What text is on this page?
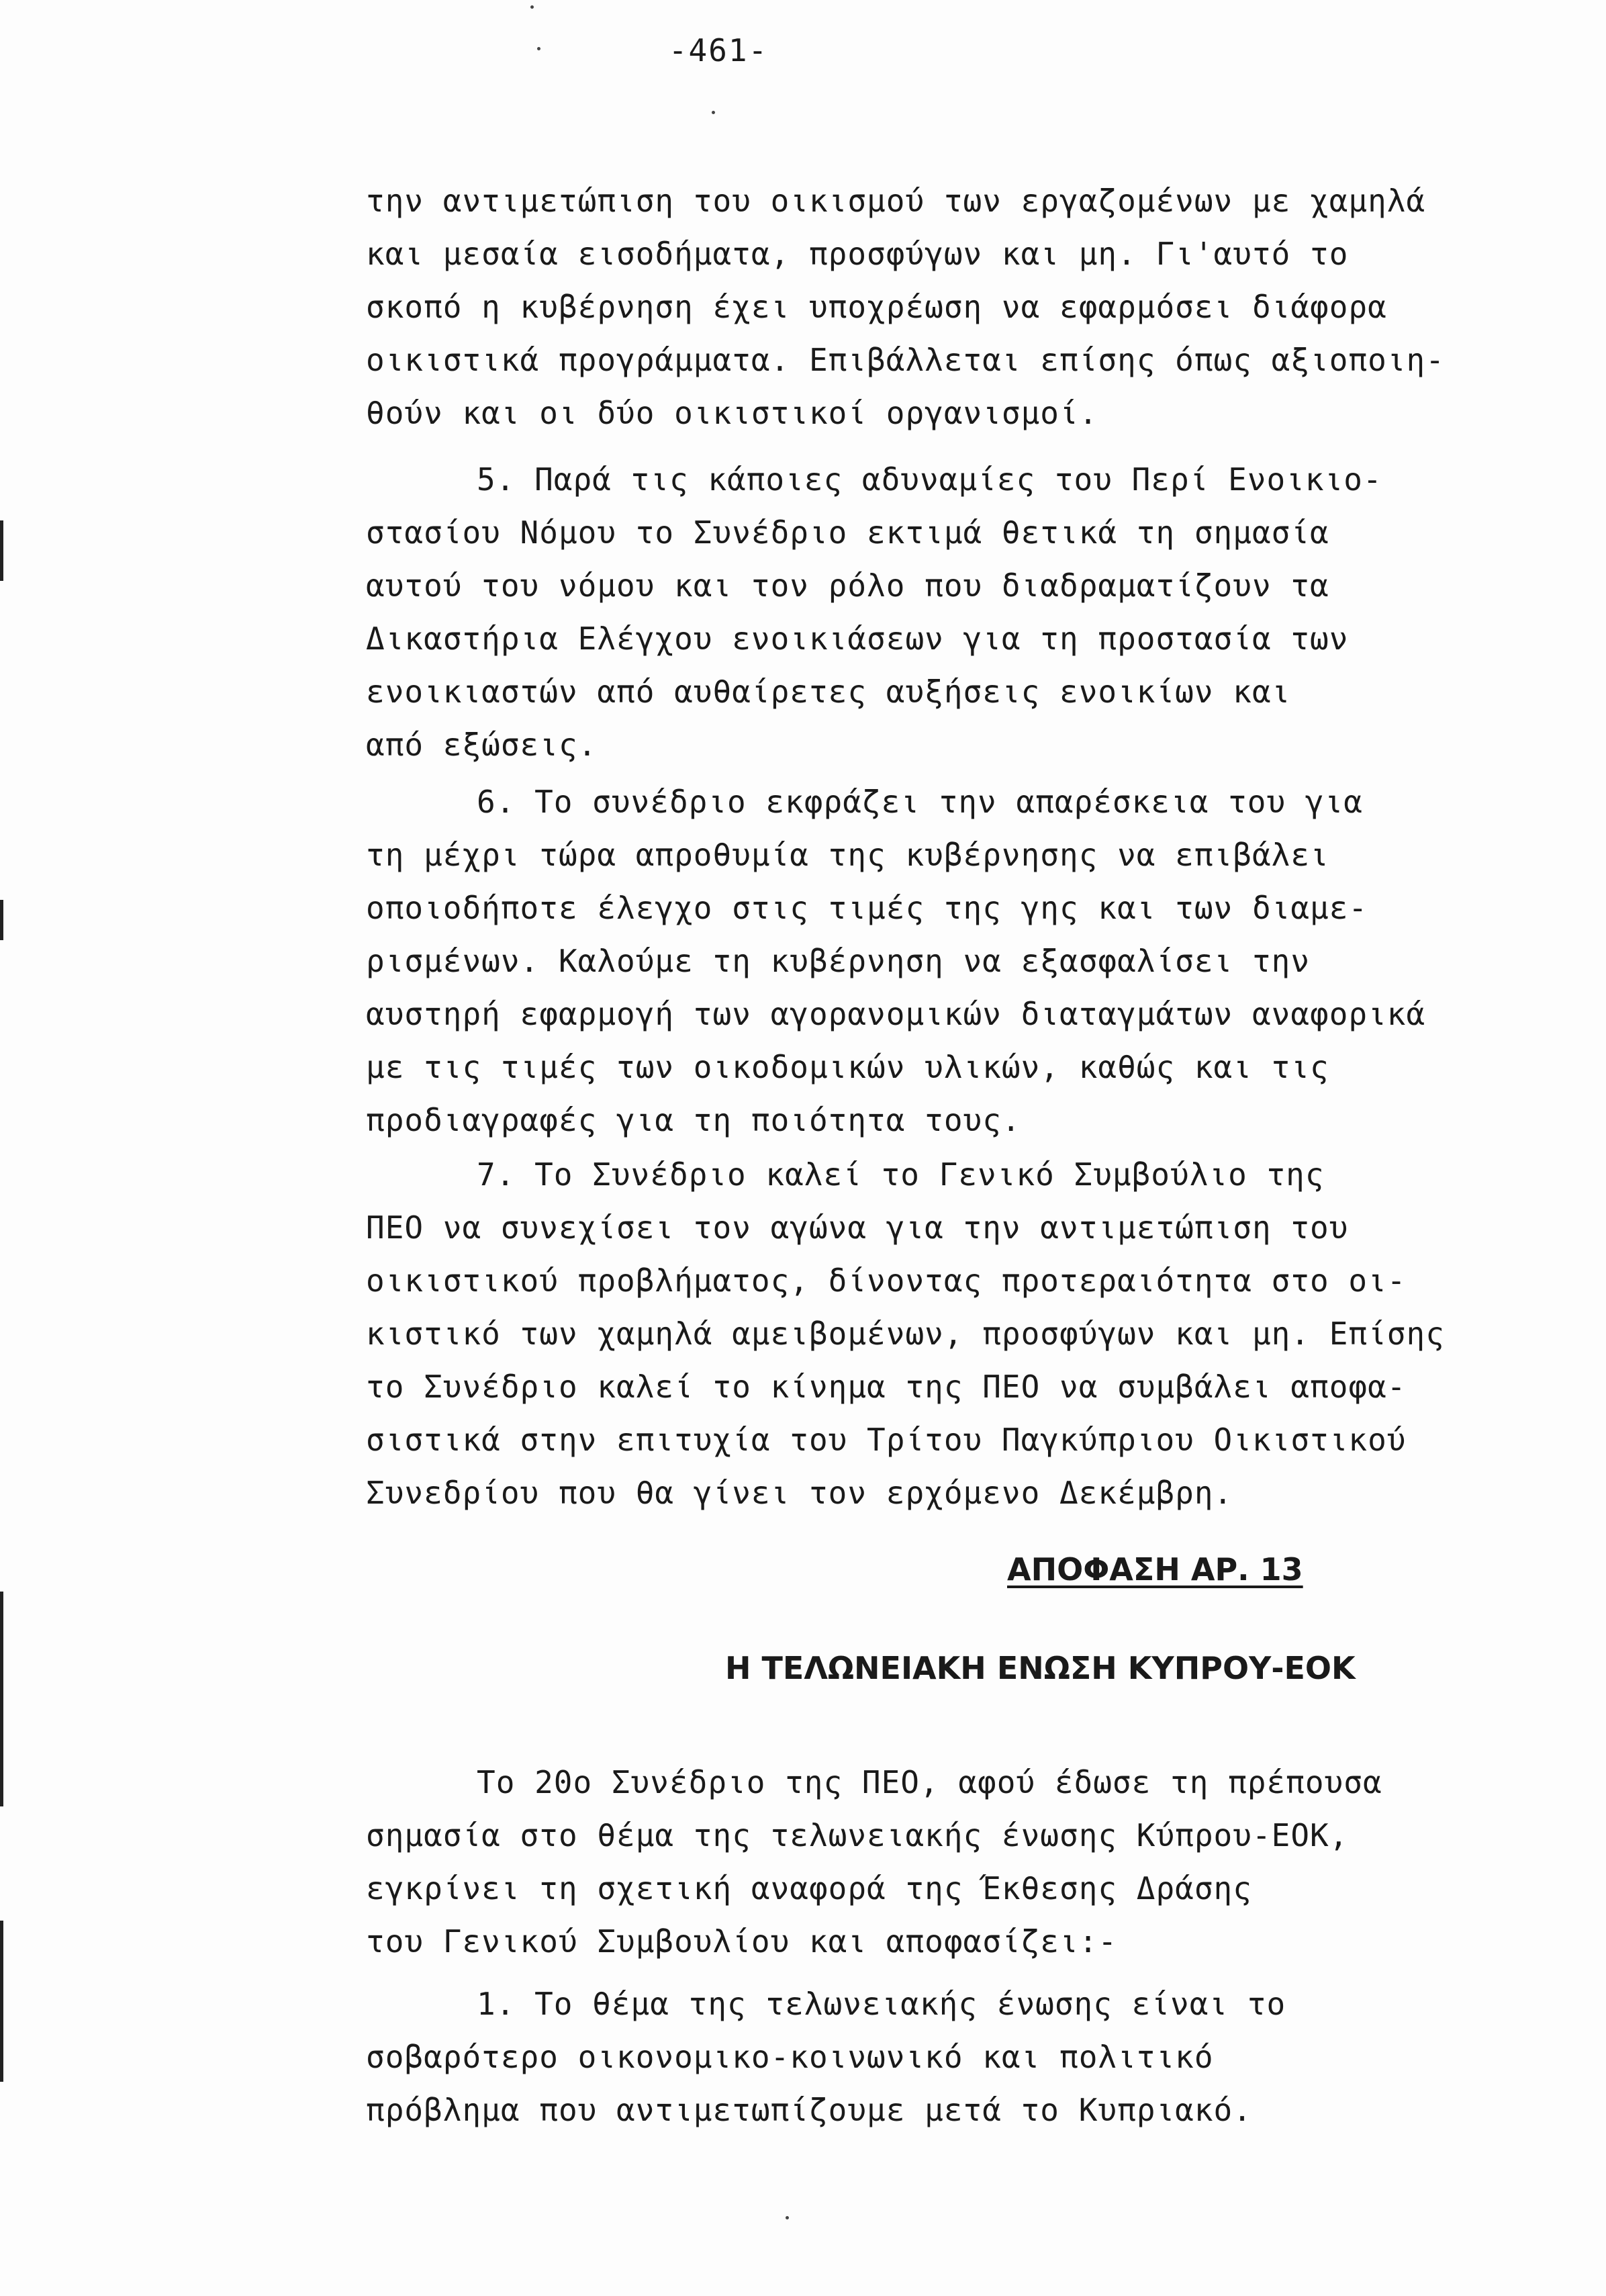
-461-
την αντιμετώπιση του οικισμού των εργαζομένων με χαμηλά
και μεσαία εισοδήματα, προσφύγων και μη. Γι'αυτό το
σκοπό η κυβέρνηση έχει υποχρέωση να εφαρμόσει διάφορα
οικιστικά προγράμματα. Επιβάλλεται επίσης όπως αξιοποιη-
θούν και οι δύο οικιστικοί οργανισμοί.
5. Παρά τις κάποιες αδυναμίες του Περί Ενοικιο-
στασίου Νόμου το Συνέδριο εκτιμά θετικά τη σημασία
αυτού του νόμου και τον ρόλο που διαδραματίζουν τα
Δικαστήρια Ελέγχου ενοικιάσεων για τη προστασία των
ενοικιαστών από αυθαίρετες αυξήσεις ενοικίων και
από εξώσεις.
6. Το συνέδριο εκφράζει την απαρέσκεια του για
τη μέχρι τώρα απροθυμία της κυβέρνησης να επιβάλει
οποιοδήποτε έλεγχο στις τιμές της γης και των διαμε-
ρισμένων. Καλούμε τη κυβέρνηση να εξασφαλίσει την
αυστηρή εφαρμογή των αγορανομικών διαταγμάτων αναφορικά
με τις τιμές των οικοδομικών υλικών, καθώς και τις
προδιαγραφές για τη ποιότητα τους.
7. Το Συνέδριο καλεί το Γενικό Συμβούλιο της
ΠΕΟ να συνεχίσει τον αγώνα για την αντιμετώπιση του
οικιστικού προβλήματος, δίνοντας προτεραιότητα στο οι-
κιστικό των χαμηλά αμειβομένων, προσφύγων και μη. Επίσης
το Συνέδριο καλεί το κίνημα της ΠΕΟ να συμβάλει αποφα-
σιστικά στην επιτυχία του Τρίτου Παγκύπριου Οικιστικού
Συνεδρίου που θα γίνει τον ερχόμενο Δεκέμβρη.
ΑΠΟΦΑΣΗ ΑΡ. 13
Η ΤΕΛΩΝΕΙΑΚΗ ΕΝΩΣΗ ΚΥΠΡΟΥ-ΕΟΚ
Το 20ο Συνέδριο της ΠΕΟ, αφού έδωσε τη πρέπουσα
σημασία στο θέμα της τελωνειακής ένωσης Κύπρου-ΕΟΚ,
εγκρίνει τη σχετική αναφορά της Έκθεσης Δράσης
του Γενικού Συμβουλίου και αποφασίζει:-
1. Το θέμα της τελωνειακής ένωσης είναι το
σοβαρότερο οικονομικο-κοινωνικό και πολιτικό
πρόβλημα που αντιμετωπίζουμε μετά το Κυπριακό.
